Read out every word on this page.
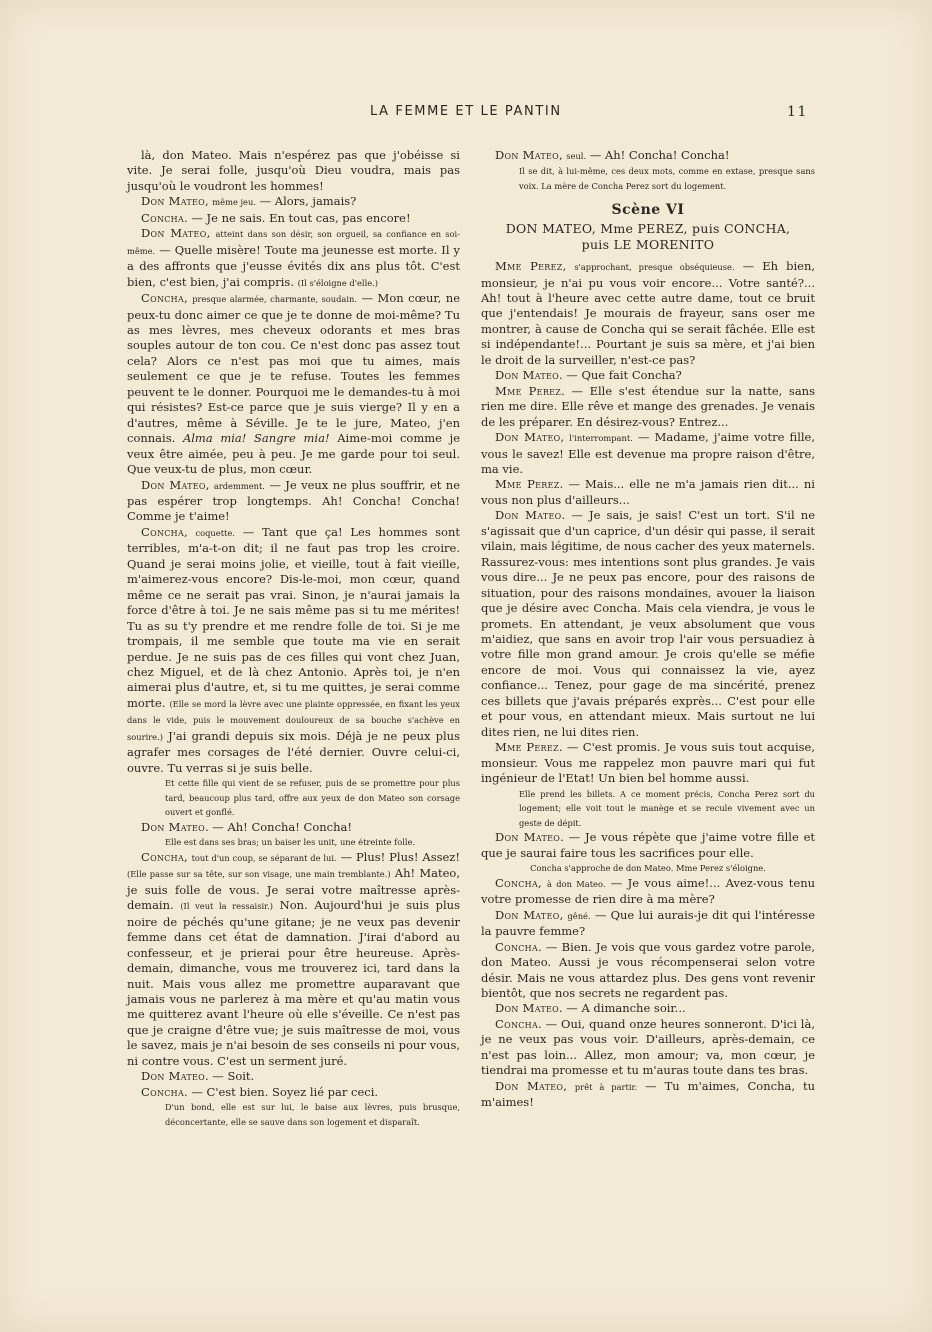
LA FEMME ET LE PANTIN	11

là, don Mateo. Mais n'espérez pas que j'obéisse si vite. Je serai folle, jusqu'où Dieu voudra, mais pas jusqu'où le voudront les hommes!

Don Mateo, même jeu. — Alors, jamais?

Concha. — Je ne sais. En tout cas, pas encore!

Don Mateo, atteint dans son désir, son orgueil, sa confiance en soi-même. — Quelle misère! Toute ma jeunesse est morte. Il y a des affronts que j'eusse évités dix ans plus tôt. C'est bien, c'est bien, j'ai compris. (Il s'éloigne d'elle.)

Concha, presque alarmée, charmante, soudain. — Mon cœur, ne peux-tu donc aimer ce que je te donne de moi-même? Tu as mes lèvres, mes cheveux odorants et mes bras souples autour de ton cou. Ce n'est donc pas assez tout cela? Alors ce n'est pas moi que tu aimes, mais seulement ce que je te refuse. Toutes les femmes peuvent te le donner. Pourquoi me le demandes-tu à moi qui résistes? Est-ce parce que je suis vierge? Il y en a d'autres, même à Séville. Je te le jure, Mateo, j'en connais. Alma mia! Sangre mia! Aime-moi comme je veux être aimée, peu à peu. Je me garde pour toi seul. Que veux-tu de plus, mon cœur.

Don Mateo, ardemment. — Je veux ne plus souffrir, et ne pas espérer trop longtemps. Ah! Concha! Concha! Comme je t'aime!

Concha, coquette. — Tant que ça! Les hommes sont terribles, m'a-t-on dit; il ne faut pas trop les croire. Quand je serai moins jolie, et vieille, tout à fait vieille, m'aimerez-vous encore? Dis-le-moi, mon cœur, quand même ce ne serait pas vrai. Sinon, je n'aurai jamais la force d'être à toi. Je ne sais même pas si tu me mérites! Tu as su t'y prendre et me rendre folle de toi. Si je me trompais, il me semble que toute ma vie en serait perdue. Je ne suis pas de ces filles qui vont chez Juan, chez Miguel, et de là chez Antonio. Après toi, je n'en aimerai plus d'autre, et, si tu me quittes, je serai comme morte. (Elle se mord la lèvre avec une plainte oppressée, en fixant les yeux dans le vide, puis le mouvement douloureux de sa bouche s'achève en sourire.) J'ai grandi depuis six mois. Déjà je ne peux plus agrafer mes corsages de l'été dernier. Ouvre celui-ci, ouvre. Tu verras si je suis belle.

Et cette fille qui vient de se refuser, puis de se promettre pour plus tard, beaucoup plus tard, offre aux yeux de don Mateo son corsage ouvert et gonflé.

Don Mateo. — Ah! Concha! Concha!

Elle est dans ses bras; un baiser les unit, une étreinte folle.

Concha, tout d'un coup, se séparant de lui. — Plus! Plus! Assez! (Elle passe sur sa tête, sur son visage, une main tremblante.) Ah! Mateo, je suis folle de vous. Je serai votre maîtresse après-demain. (Il veut la ressaisir.) Non. Aujourd'hui je suis plus noire de péchés qu'une gitane; je ne veux pas devenir femme dans cet état de damnation. J'irai d'abord au confesseur, et je prierai pour être heureuse. Après-demain, dimanche, vous me trouverez ici, tard dans la nuit. Mais vous allez me promettre auparavant que jamais vous ne parlerez à ma mère et qu'au matin vous me quitterez avant l'heure où elle s'éveille. Ce n'est pas que je craigne d'être vue; je suis maîtresse de moi, vous le savez, mais je n'ai besoin de ses conseils ni pour vous, ni contre vous. C'est un serment juré.

Don Mateo. — Soit.

Concha. — C'est bien. Soyez lié par ceci.

D'un bond, elle est sur lui, le baise aux lèvres, puis brusque, déconcertante, elle se sauve dans son logement et disparaît.

Don Mateo, seul. — Ah! Concha! Concha!

Il se dit, à lui-même, ces deux mots, comme en extase, presque sans voix. La mère de Concha Perez sort du logement.

Scène VI
DON MATEO, Mme PEREZ, puis CONCHA,
puis LE MORENITO

Mme Perez, s'approchant, presque obséquieuse. — Eh bien, monsieur, je n'ai pu vous voir encore... Votre santé?... Ah! tout à l'heure avec cette autre dame, tout ce bruit que j'entendais! Je mourais de frayeur, sans oser me montrer, à cause de Concha qui se serait fâchée. Elle est si indépendante!... Pourtant je suis sa mère, et j'ai bien le droit de la surveiller, n'est-ce pas?

Don Mateo. — Que fait Concha?

Mme Perez. — Elle s'est étendue sur la natte, sans rien me dire. Elle rêve et mange des grenades. Je venais de les préparer. En désirez-vous? Entrez...

Don Mateo, l'interrompant. — Madame, j'aime votre fille, vous le savez! Elle est devenue ma propre raison d'être, ma vie.

Mme Perez. — Mais... elle ne m'a jamais rien dit... ni vous non plus d'ailleurs...

Don Mateo. — Je sais, je sais! C'est un tort. S'il ne s'agissait que d'un caprice, d'un désir qui passe, il serait vilain, mais légitime, de nous cacher des yeux maternels. Rassurez-vous: mes intentions sont plus grandes. Je vais vous dire... Je ne peux pas encore, pour des raisons de situation, pour des raisons mondaines, avouer la liaison que je désire avec Concha. Mais cela viendra, je vous le promets. En attendant, je veux absolument que vous m'aidiez, que sans en avoir trop l'air vous persuadiez à votre fille mon grand amour. Je crois qu'elle se méfie encore de moi. Vous qui connaissez la vie, ayez confiance... Tenez, pour gage de ma sincérité, prenez ces billets que j'avais préparés exprès... C'est pour elle et pour vous, en attendant mieux. Mais surtout ne lui dites rien, ne lui dites rien.

Mme Perez. — C'est promis. Je vous suis tout acquise, monsieur. Vous me rappelez mon pauvre mari qui fut ingénieur de l'Etat! Un bien bel homme aussi.

Elle prend les billets. A ce moment précis, Concha Perez sort du logement; elle voit tout le manège et se recule vivement avec un geste de dépit.

Don Mateo. — Je vous répète que j'aime votre fille et que je saurai faire tous les sacrifices pour elle.

Concha s'approche de don Mateo. Mme Perez s'éloigne.

Concha, à don Mateo. — Je vous aime!... Avez-vous tenu votre promesse de rien dire à ma mère?

Don Mateo, gêné. — Que lui aurais-je dit qui l'intéresse la pauvre femme?

Concha. — Bien. Je vois que vous gardez votre parole, don Mateo. Aussi je vous récompenserai selon votre désir. Mais ne vous attardez plus. Des gens vont revenir bientôt, que nos secrets ne regardent pas.

Don Mateo. — A dimanche soir...

Concha. — Oui, quand onze heures sonneront. D'ici là, je ne veux pas vous voir. D'ailleurs, après-demain, ce n'est pas loin... Allez, mon amour; va, mon cœur, je tiendrai ma promesse et tu m'auras toute dans tes bras.

Don Mateo, prêt à partir. — Tu m'aimes, Concha, tu m'aimes!
